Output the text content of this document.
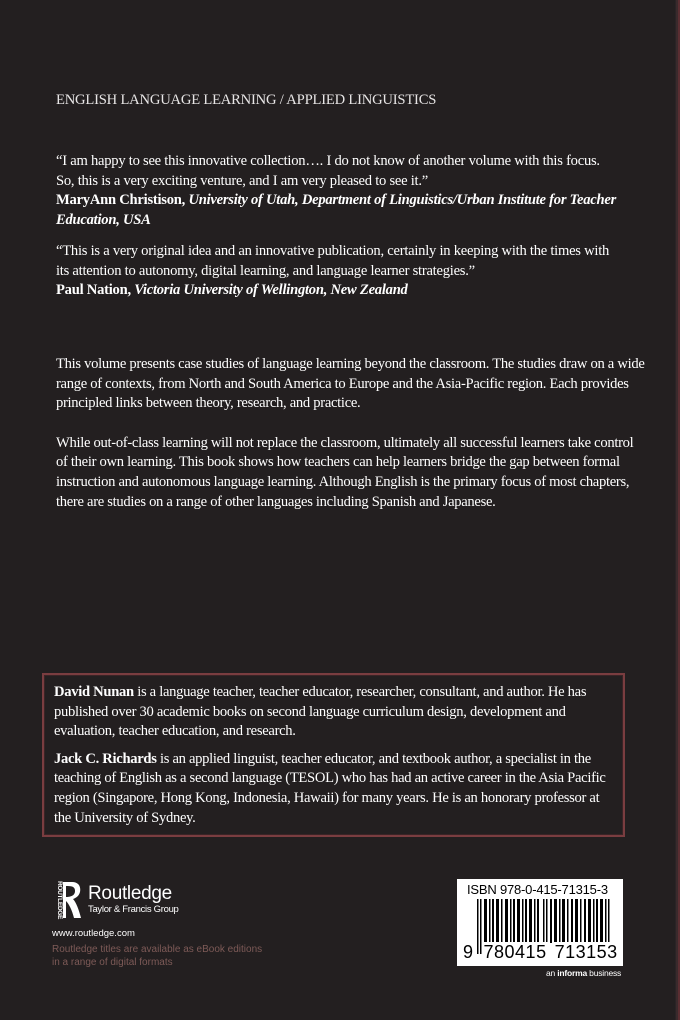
ENGLISH LANGUAGE LEARNING / APPLIED LINGUISTICS
“I am happy to see this innovative collection…. I do not know of another volume with this focus.
So, this is a very exciting venture, and I am very pleased to see it.”
MaryAnn Christison, University of Utah, Department of Linguistics/Urban Institute for Teacher Education, USA
“This is a very original idea and an innovative publication, certainly in keeping with the times with
its attention to autonomy, digital learning, and language learner strategies.”
Paul Nation, Victoria University of Wellington, New Zealand

This volume presents case studies of language learning beyond the classroom. The studies draw on a wide range of contexts, from North and South America to Europe and the Asia-Pacific region. Each provides principled links between theory, research, and practice.

While out-of-class learning will not replace the classroom, ultimately all successful learners take control of their own learning. This book shows how teachers can help learners bridge the gap between formal instruction and autonomous language learning. Although English is the primary focus of most chapters, there are studies on a range of other languages including Spanish and Japanese.

David Nunan is a language teacher, teacher educator, researcher, consultant, and author. He has published over 30 academic books on second language curriculum design, development and evaluation, teacher education, and research.

Jack C. Richards is an applied linguist, teacher educator, and textbook author, a specialist in the teaching of English as a second language (TESOL) who has had an active career in the Asia Pacific region (Singapore, Hong Kong, Indonesia, Hawaii) for many years. He is an honorary professor at the University of Sydney.

ROUTLEDGE Routledge
Taylor & Francis Group
www.routledge.com
Routledge titles are available as eBook editions in a range of digital formats
ISBN 978-0-415-71315-3
9 780415 713153
an informa business
